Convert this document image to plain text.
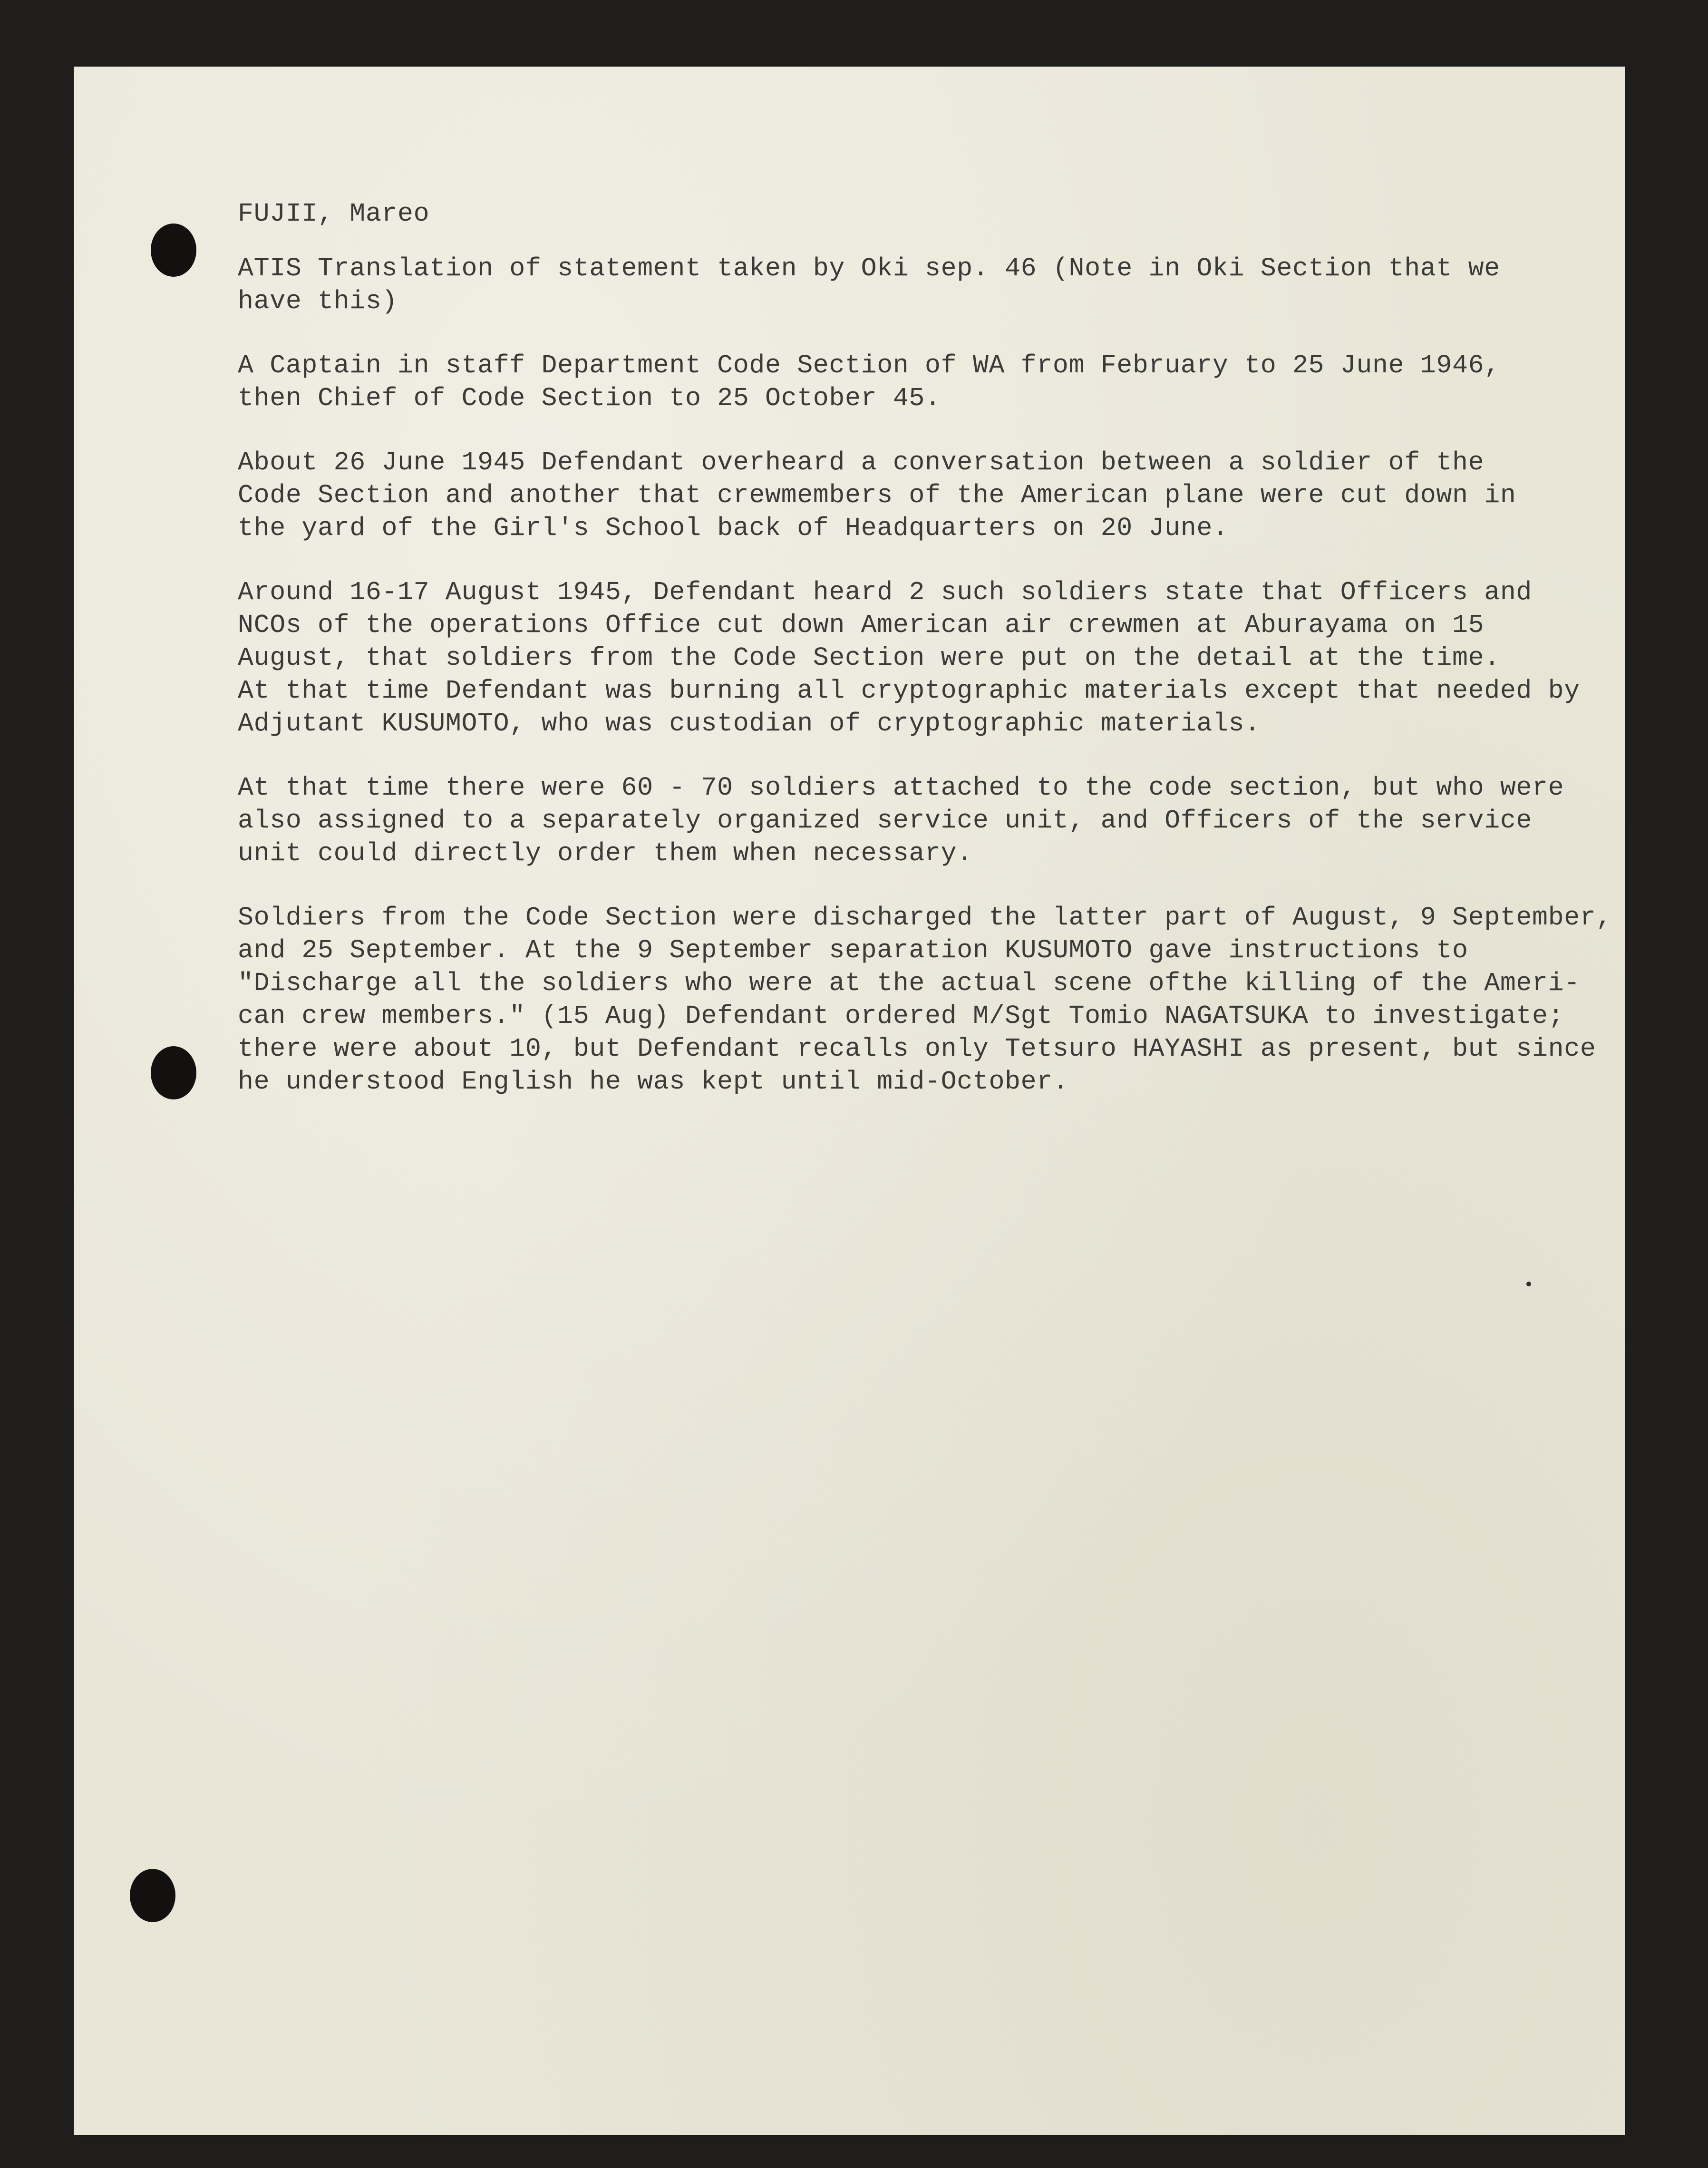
FUJII, Mareo
ATIS Translation of statement taken by Oki sep. 46 (Note in Oki Section that we
have this)
A Captain in staff Department Code Section of WA from February to 25 June 1946,
then Chief of Code Section to 25 October 45.
About 26 June 1945 Defendant overheard a conversation between a soldier of the
Code Section and another that crewmembers of the American plane were cut down in
the yard of the Girl's School back of Headquarters on 20 June.
Around 16-17 August 1945, Defendant heard 2 such soldiers state that Officers and
NCOs of the operations Office cut down American air crewmen at Aburayama on 15
August, that soldiers from the Code Section were put on the detail at the time.
At that time Defendant was burning all cryptographic materials except that needed by
Adjutant KUSUMOTO, who was custodian of cryptographic materials.
At that time there were 60 - 70 soldiers attached to the code section, but who were
also assigned to a separately organized service unit, and Officers of the service
unit could directly order them when necessary.
Soldiers from the Code Section were discharged the latter part of August, 9 September,
and 25 September. At the 9 September separation KUSUMOTO gave instructions to
"Discharge all the soldiers who were at the actual scene ofthe killing of the Ameri-
can crew members." (15 Aug) Defendant ordered M/Sgt Tomio NAGATSUKA to investigate;
there were about 10, but Defendant recalls only Tetsuro HAYASHI as present, but since
he understood English he was kept until mid-October.
